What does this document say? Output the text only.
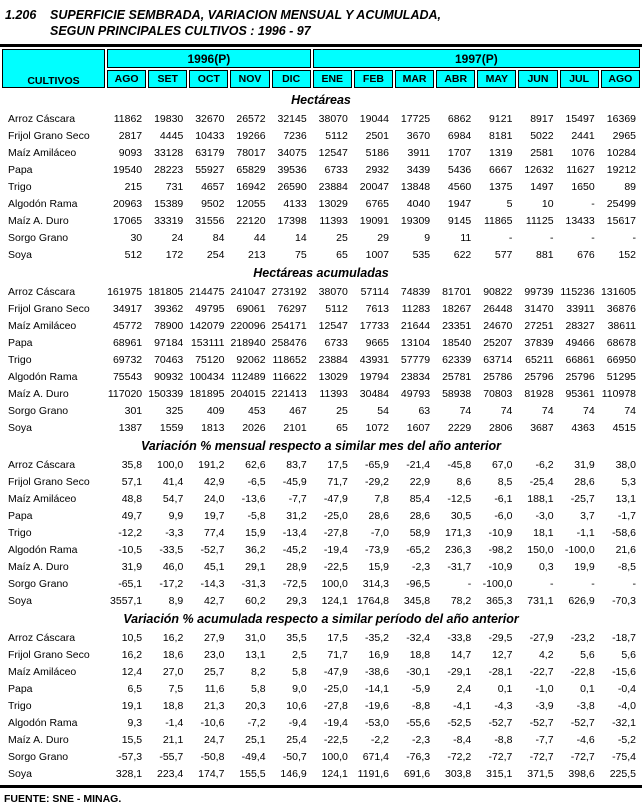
1.206	SUPERFICIE SEMBRADA, VARIACION MENSUAL Y ACUMULADA,
SEGUN PRINCIPALES CULTIVOS : 1996 - 97
CULTIVOS	1996(P)					1997(P)							
	AGO	SET	OCT	NOV	DIC	ENE	FEB	MAR	ABR	MAY	JUN	JUL	AGO
Hectáreas													
Arroz Cáscara	11862	19830	32670	26572	32145	38070	19044	17725	6862	9121	8917	15497	16369
Frijol Grano Seco	2817	4445	10433	19266	7236	5112	2501	3670	6984	8181	5022	2441	2965
Maíz Amiláceo	9093	33128	63179	78017	34075	12547	5186	3911	1707	1319	2581	1076	10284
Papa	19540	28223	55927	65829	39536	6733	2932	3439	5436	6667	12632	11627	19212
Trigo	215	731	4657	16942	26590	23884	20047	13848	4560	1375	1497	1650	89
Algodón Rama	20963	15389	9502	12055	4133	13029	6765	4040	1947	5	10	-	25499
Maíz A. Duro	17065	33319	31556	22120	17398	11393	19091	19309	9145	11865	11125	13433	15617
Sorgo Grano	30	24	84	44	14	25	29	9	11	-	-	-	-
Soya	512	172	254	213	75	65	1007	535	622	577	881	676	152
Hectáreas acumuladas													
Arroz Cáscara	161975	181805	214475	241047	273192	38070	57114	74839	81701	90822	99739	115236	131605
Frijol Grano Seco	34917	39362	49795	69061	76297	5112	7613	11283	18267	26448	31470	33911	36876
Maíz Amiláceo	45772	78900	142079	220096	254171	12547	17733	21644	23351	24670	27251	28327	38611
Papa	68961	97184	153111	218940	258476	6733	9665	13104	18540	25207	37839	49466	68678
Trigo	69732	70463	75120	92062	118652	23884	43931	57779	62339	63714	65211	66861	66950
Algodón Rama	75543	90932	100434	112489	116622	13029	19794	23834	25781	25786	25796	25796	51295
Maíz A. Duro	117020	150339	181895	204015	221413	11393	30484	49793	58938	70803	81928	95361	110978
Sorgo Grano	301	325	409	453	467	25	54	63	74	74	74	74	74
Soya	1387	1559	1813	2026	2101	65	1072	1607	2229	2806	3687	4363	4515
Variación % mensual respecto a similar mes del año anterior													
Arroz Cáscara	35,8	100,0	191,2	62,6	83,7	17,5	-65,9	-21,4	-45,8	67,0	-6,2	31,9	38,0
Frijol Grano Seco	57,1	41,4	42,9	-6,5	-45,9	71,7	-29,2	22,9	8,6	8,5	-25,4	28,6	5,3
Maíz Amiláceo	48,8	54,7	24,0	-13,6	-7,7	-47,9	7,8	85,4	-12,5	-6,1	188,1	-25,7	13,1
Papa	49,7	9,9	19,7	-5,8	31,2	-25,0	28,6	28,6	30,5	-6,0	-3,0	3,7	-1,7
Trigo	-12,2	-3,3	77,4	15,9	-13,4	-27,8	-7,0	58,9	171,3	-10,9	18,1	-1,1	-58,6
Algodón Rama	-10,5	-33,5	-52,7	36,2	-45,2	-19,4	-73,9	-65,2	236,3	-98,2	150,0	-100,0	21,6
Maíz A. Duro	31,9	46,0	45,1	29,1	28,9	-22,5	15,9	-2,3	-31,7	-10,9	0,3	19,9	-8,5
Sorgo Grano	-65,1	-17,2	-14,3	-31,3	-72,5	100,0	314,3	-96,5	-	-100,0	-	-	-
Soya	3557,1	8,9	42,7	60,2	29,3	124,1	1764,8	345,8	78,2	365,3	731,1	626,9	-70,3
Variación % acumulada respecto a similar período del año anterior													
Arroz Cáscara	10,5	16,2	27,9	31,0	35,5	17,5	-35,2	-32,4	-33,8	-29,5	-27,9	-23,2	-18,7
Frijol Grano Seco	16,2	18,6	23,0	13,1	2,5	71,7	16,9	18,8	14,7	12,7	4,2	5,6	5,6
Maíz Amiláceo	12,4	27,0	25,7	8,2	5,8	-47,9	-38,6	-30,1	-29,1	-28,1	-22,7	-22,8	-15,6
Papa	6,5	7,5	11,6	5,8	9,0	-25,0	-14,1	-5,9	2,4	0,1	-1,0	0,1	-0,4
Trigo	19,1	18,8	21,3	20,3	10,6	-27,8	-19,6	-8,8	-4,1	-4,3	-3,9	-3,8	-4,0
Algodón Rama	9,3	-1,4	-10,6	-7,2	-9,4	-19,4	-53,0	-55,6	-52,5	-52,7	-52,7	-52,7	-32,1
Maíz A. Duro	15,5	21,1	24,7	25,1	25,4	-22,5	-2,2	-2,3	-8,4	-8,8	-7,7	-4,6	-5,2
Sorgo Grano	-57,3	-55,7	-50,8	-49,4	-50,7	100,0	671,4	-76,3	-72,2	-72,7	-72,7	-72,7	-75,4
Soya	328,1	223,4	174,7	155,5	146,9	124,1	1191,6	691,6	303,8	315,1	371,5	398,6	225,5
FUENTE: SNE - MINAG.
